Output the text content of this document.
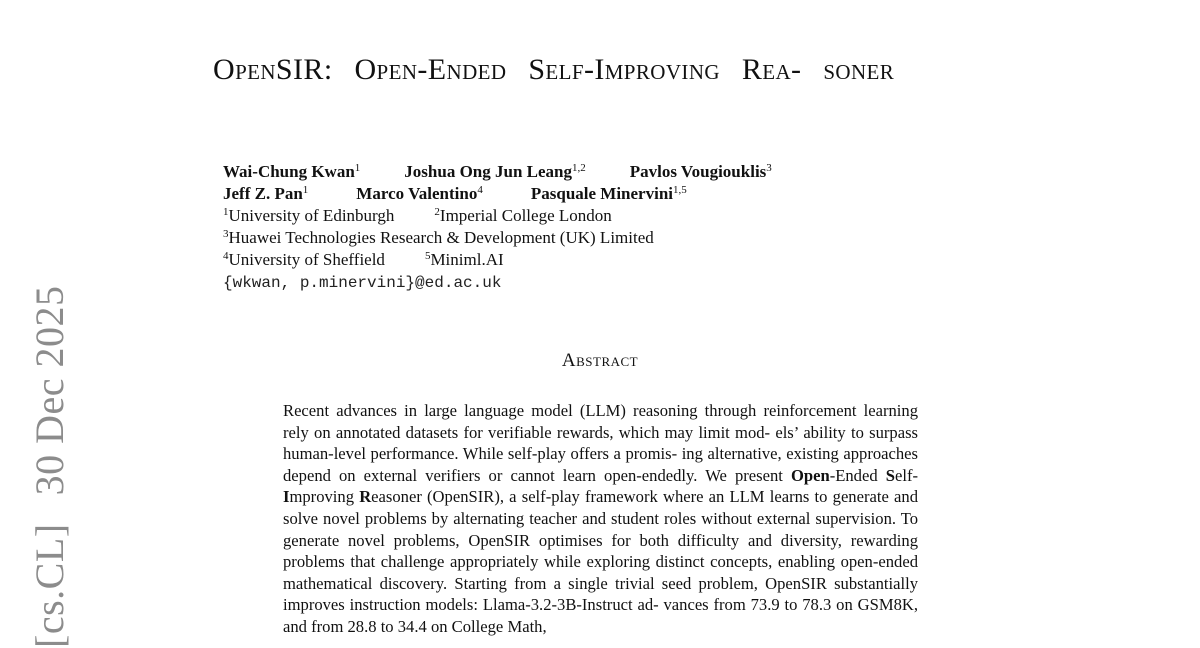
[cs.CL]30 Dec 2025
OpenSIR: Open-Ended Self-Improving Rea- soner
Wai-Chung Kwan$^1$	Joshua Ong Jun Leang$^{1,2}$	Pavlos Vougiouklis$^3$
Jeff Z. Pan$^1$	Marco Valentino$^4$	Pasquale Minervini$^{1,5}$
$^1$University of Edinburgh	$^2$Imperial College London
$^3$Huawei Technologies Research & Development (UK) Limited
$^4$University of Sheffield	$^5$Miniml.AI
{wkwan, p.minervini}@ed.ac.uk
Abstract

Recent advances in large language model (LLM) reasoning through reinforcement learning rely on annotated datasets for verifiable rewards, which may limit mod- els’ ability to surpass human-level performance. While self-play offers a promis- ing alternative, existing approaches depend on external verifiers or cannot learn open-endedly. We present Open-Ended Self-Improving Reasoner (OpenSIR), a self-play framework where an LLM learns to generate and solve novel problems by alternating teacher and student roles without external supervision. To generate novel problems, OpenSIR optimises for both difficulty and diversity, rewarding problems that challenge appropriately while exploring distinct concepts, enabling open-ended mathematical discovery. Starting from a single trivial seed problem, OpenSIR substantially improves instruction models: Llama-3.2-3B-Instruct ad- vances from 73.9 to 78.3 on GSM8K, and from 28.8 to 34.4 on College Math,
